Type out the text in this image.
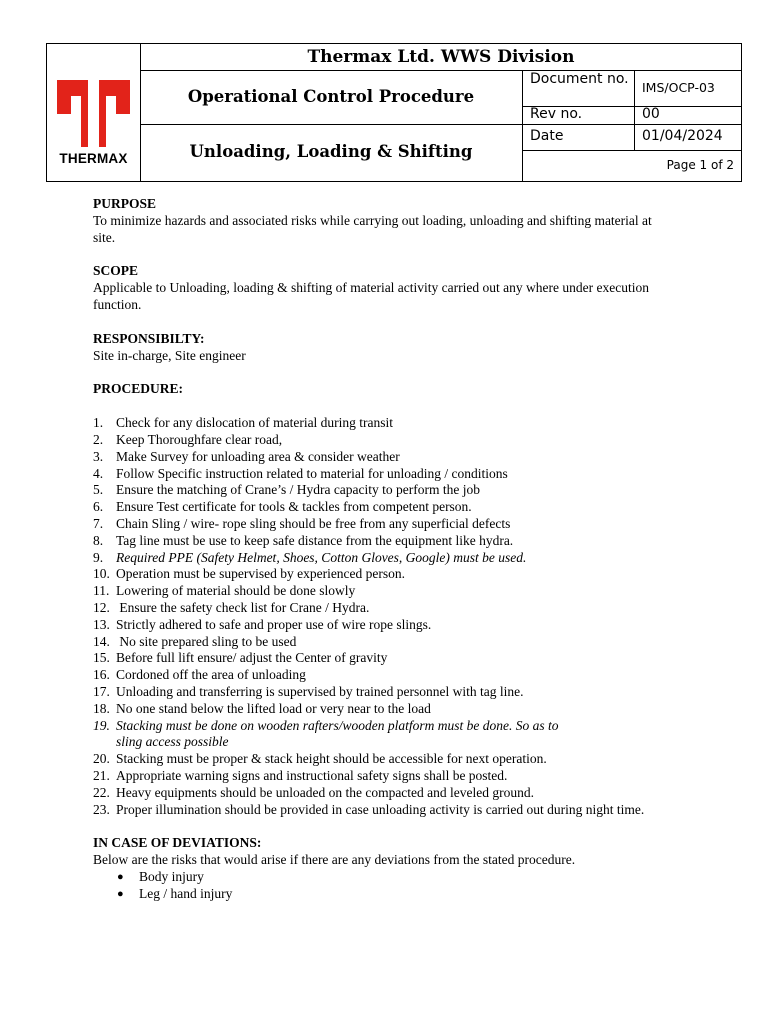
THERMAX
Thermax Ltd. WWS Division
Operational Control Procedure
Unloading, Loading & Shifting
Document no.
IMS/OCP-03
Rev no.	00
Date	01/04/2024
Page 1 of 2
PURPOSE

To minimize hazards and associated risks while carrying out loading, unloading and shifting material at site.

SCOPE

Applicable to Unloading, loading & shifting of material activity carried out any where under execution function.

RESPONSIBILTY:

Site in-charge, Site engineer

PROCEDURE:
1. Check for any dislocation of material during transit
2. Keep Thoroughfare clear road,
3. Make Survey for unloading area & consider weather
4. Follow Specific instruction related to material for unloading / conditions
5. Ensure the matching of Crane’s / Hydra capacity to perform the job
6. Ensure Test certificate for tools & tackles from competent person.
7. Chain Sling / wire- rope sling should be free from any superficial defects
8. Tag line must be use to keep safe distance from the equipment like hydra.
9. Required PPE (Safety Helmet, Shoes, Cotton Gloves, Google) must be used.
10. Operation must be supervised by experienced person.
11. Lowering of material should be done slowly
12. Ensure the safety check list for Crane / Hydra.
13. Strictly adhered to safe and proper use of wire rope slings.
14. No site prepared sling to be used
15. Before full lift ensure/ adjust the Center of gravity
16. Cordoned off the area of unloading
17. Unloading and transferring is supervised by trained personnel with tag line.
18. No one stand below the lifted load or very near to the load
19. Stacking must be done on wooden rafters/wooden platform must be done. So as to sling access possible
20. Stacking must be proper & stack height should be accessible for next operation.
21. Appropriate warning signs and instructional safety signs shall be posted.
22. Heavy equipments should be unloaded on the compacted and leveled ground.
23. Proper illumination should be provided in case unloading activity is carried out during night time.
IN CASE OF DEVIATIONS:

Below are the risks that would arise if there are any deviations from the stated procedure.

● Body injury
● Leg / hand injury
